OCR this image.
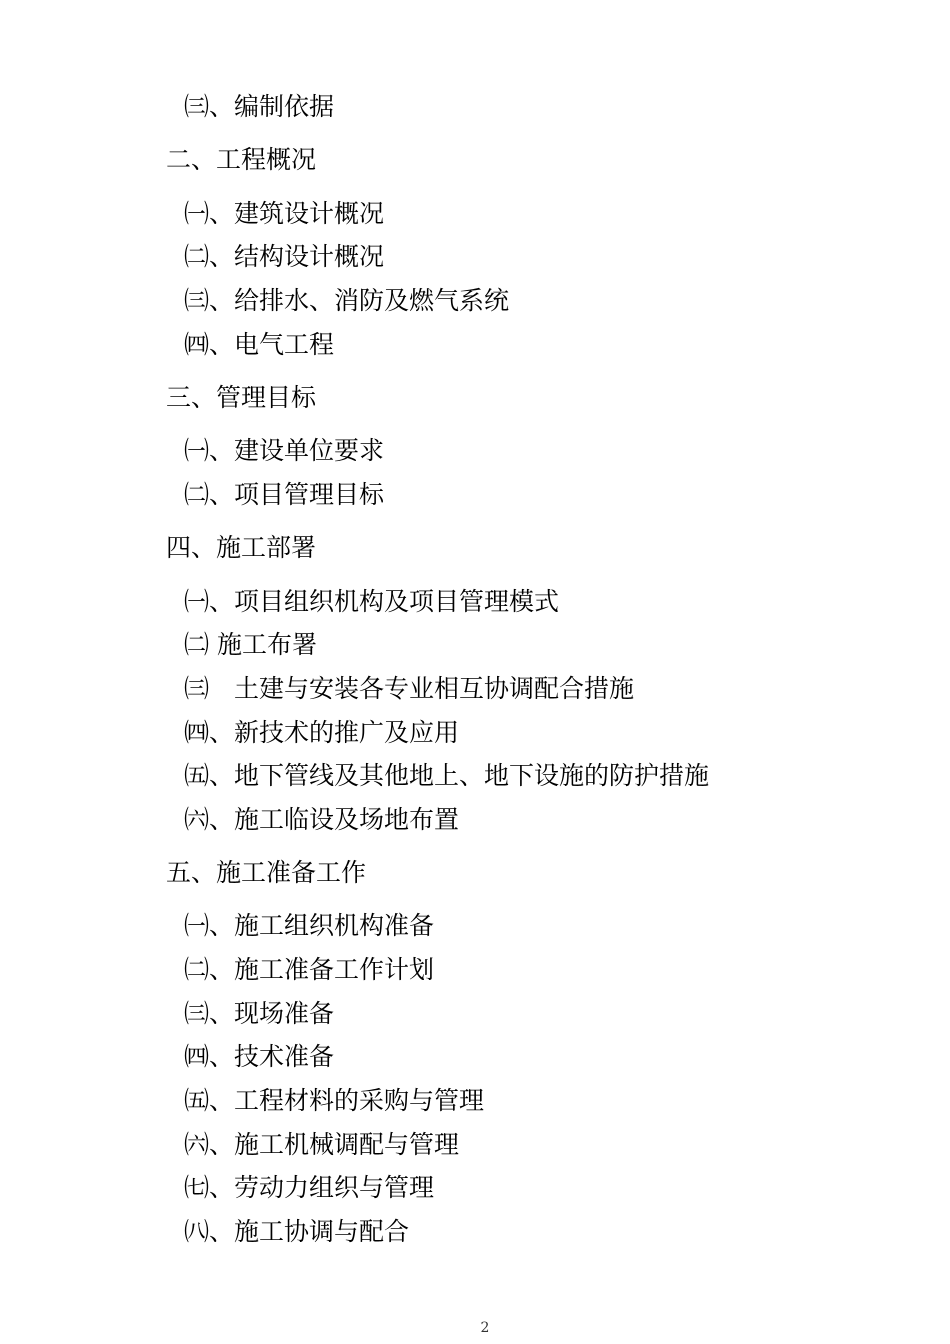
㈢、编制依据
二、工程概况
㈠、建筑设计概况
㈡、结构设计概况
㈢、给排水、消防及燃气系统
㈣、电气工程
三、管理目标
㈠、建设单位要求
㈡、项目管理目标
四、施工部署
㈠、项目组织机构及项目管理模式
㈡ 施工布署
㈢　土建与安装各专业相互协调配合措施
㈣、新技术的推广及应用
㈤、地下管线及其他地上、地下设施的防护措施
㈥、施工临设及场地布置
五、施工准备工作
㈠、施工组织机构准备
㈡、施工准备工作计划
㈢、现场准备
㈣、技术准备
㈤、工程材料的采购与管理
㈥、施工机械调配与管理
㈦、劳动力组织与管理
㈧、施工协调与配合
2
